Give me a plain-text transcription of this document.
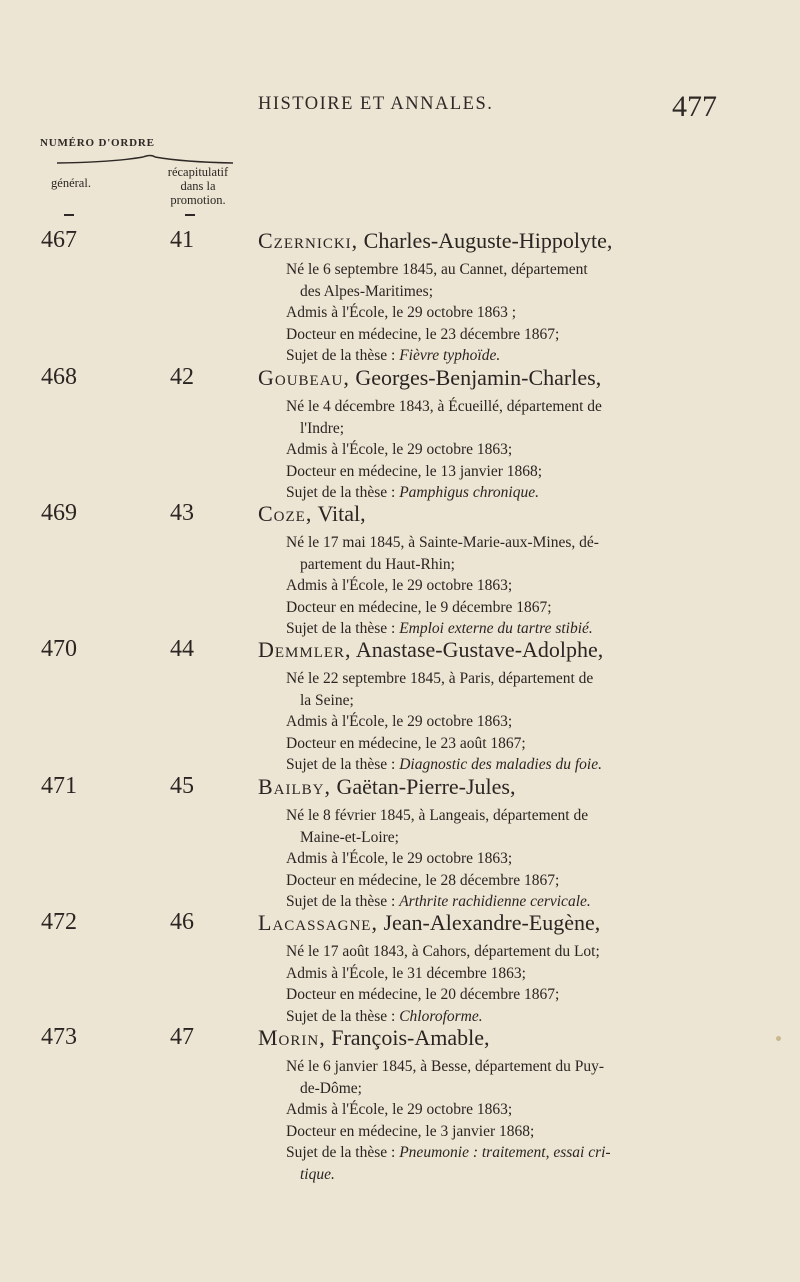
HISTOIRE ET ANNALES.	477
NUMÉRO D'ORDRE
général.
récapitulatif
dans la
promotion.
467	41	Czernicki, Charles-Auguste-Hippolyte,
Né le 6 septembre 1845, au Cannet, département
des Alpes-Maritimes;
Admis à l'École, le 29 octobre 1863 ;
Docteur en médecine, le 23 décembre 1867;
Sujet de la thèse : Fièvre typhoïde.
468	42	Goubeau, Georges-Benjamin-Charles,
Né le 4 décembre 1843, à Écueillé, département de
l'Indre;
Admis à l'École, le 29 octobre 1863;
Docteur en médecine, le 13 janvier 1868;
Sujet de la thèse : Pamphigus chronique.
469	43	Coze, Vital,
Né le 17 mai 1845, à Sainte-Marie-aux-Mines, dé-
partement du Haut-Rhin;
Admis à l'École, le 29 octobre 1863;
Docteur en médecine, le 9 décembre 1867;
Sujet de la thèse : Emploi externe du tartre stibié.
470	44	Demmler, Anastase-Gustave-Adolphe,
Né le 22 septembre 1845, à Paris, département de
la Seine;
Admis à l'École, le 29 octobre 1863;
Docteur en médecine, le 23 août 1867;
Sujet de la thèse : Diagnostic des maladies du foie.
471	45	Bailby, Gaëtan-Pierre-Jules,
Né le 8 février 1845, à Langeais, département de
Maine-et-Loire;
Admis à l'École, le 29 octobre 1863;
Docteur en médecine, le 28 décembre 1867;
Sujet de la thèse : Arthrite rachidienne cervicale.
472	46	Lacassagne, Jean-Alexandre-Eugène,
Né le 17 août 1843, à Cahors, département du Lot;
Admis à l'École, le 31 décembre 1863;
Docteur en médecine, le 20 décembre 1867;
Sujet de la thèse : Chloroforme.
473	47	Morin, François-Amable,
Né le 6 janvier 1845, à Besse, département du Puy-
de-Dôme;
Admis à l'École, le 29 octobre 1863;
Docteur en médecine, le 3 janvier 1868;
Sujet de la thèse : Pneumonie : traitement, essai cri-
tique.
